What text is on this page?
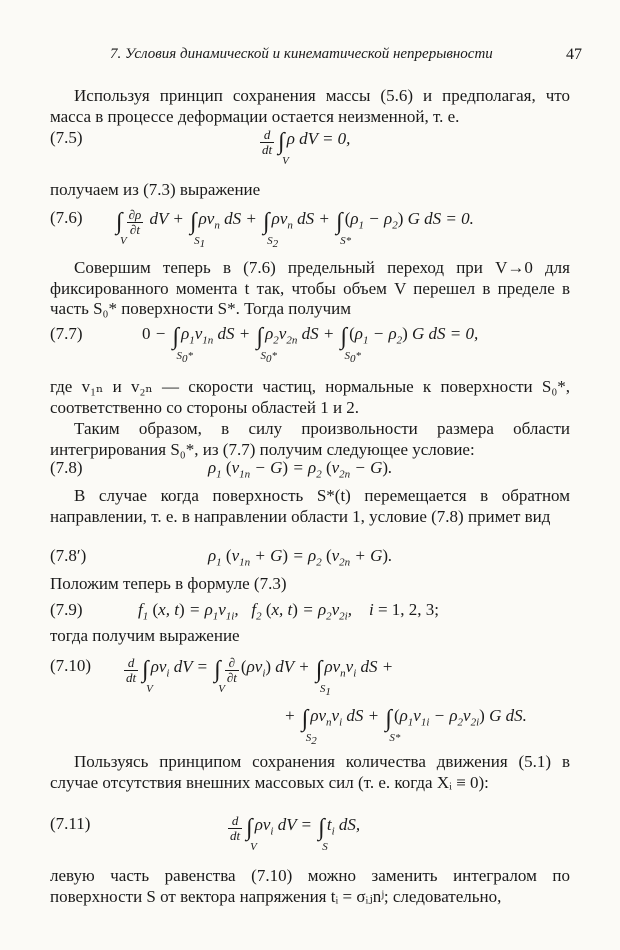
7. Условия динамической и кинематической непрерывности	47

Используя принцип сохранения массы (5.6) и предполагая, что масса в процессе деформации остается неизменной, т. е.

(7.5)	$\frac{d}{dt}$ ∫
V
ρ dV = 0,

получаем из (7.3) выражение

(7.6) ∫
V
$\frac{\partial\rho}{\partial t}$ dV + ∫
$S_1$
$\rho v_n$ dS + ∫
$S_2$
$\rho v_n$ dS + ∫
S*
$(\rho_1 - \rho_2)$ G dS = 0.

Совершим теперь в (7.6) предельный переход при V→0 для фиксированного момента t так, чтобы объем V перешел в пределе в часть S₀* поверхности S*. Тогда получим

(7.7)	0 − ∫
$S_0*$
$\rho_1v_{1n}$ dS + ∫
$S_0*$
$\rho_2v_{2n}$ dS + ∫
$S_0*$
$(\rho_1 - \rho_2)$ G dS = 0,

где v₁ₙ и v₂ₙ — скорости частиц, нормальные к поверхности S₀*, соответственно со стороны областей 1 и 2.

Таким образом, в силу произвольности размера области интегрирования S₀*, из (7.7) получим следующее условие:

(7.8)	$\rho_1$ $(v_{1n} - G) = \rho_2$ $(v_{2n} - G)$.

В случае когда поверхность S*(t) перемещается в обратном направлении, т. е. в направлении области 1, условие (7.8) примет вид

(7.8′)	$\rho_1$ $(v_{1n} + G) = \rho_2$ $(v_{2n} + G)$.

Положим теперь в формуле (7.3)

(7.9)	$f_1$ (x, $t) = \rho_1v_{1i}$,   $f_2$ (x, $t) = \rho_2v_{2i}$,    i = 1, 2, 3;

тогда получим выражение

(7.10)	$\frac{d}{dt}$ ∫
V
$\rho v_i$ dV = ∫
V
$\frac{\partial}{\partial t} (\rho v_i)$ dV + ∫
$S_1$
$\rho v_nv_i$ dS +
+ ∫
$S_2$
$\rho v_nv_i$ dS + ∫
S*
$(\rho_1v_{1i} - \rho_2v_{2i})$ G dS.

Пользуясь принципом сохранения количества движения (5.1) в случае отсутствия внешних массовых сил (т. е. когда Xᵢ ≡ 0):

(7.11)	$\frac{d}{dt}$ ∫
V
$\rho v_i$ dV = ∫
S
$t_i$ dS,

левую часть равенства (7.10) можно заменить интегралом по поверхности S от вектора напряжения tᵢ = σᵢⱼnʲ; следовательно,
